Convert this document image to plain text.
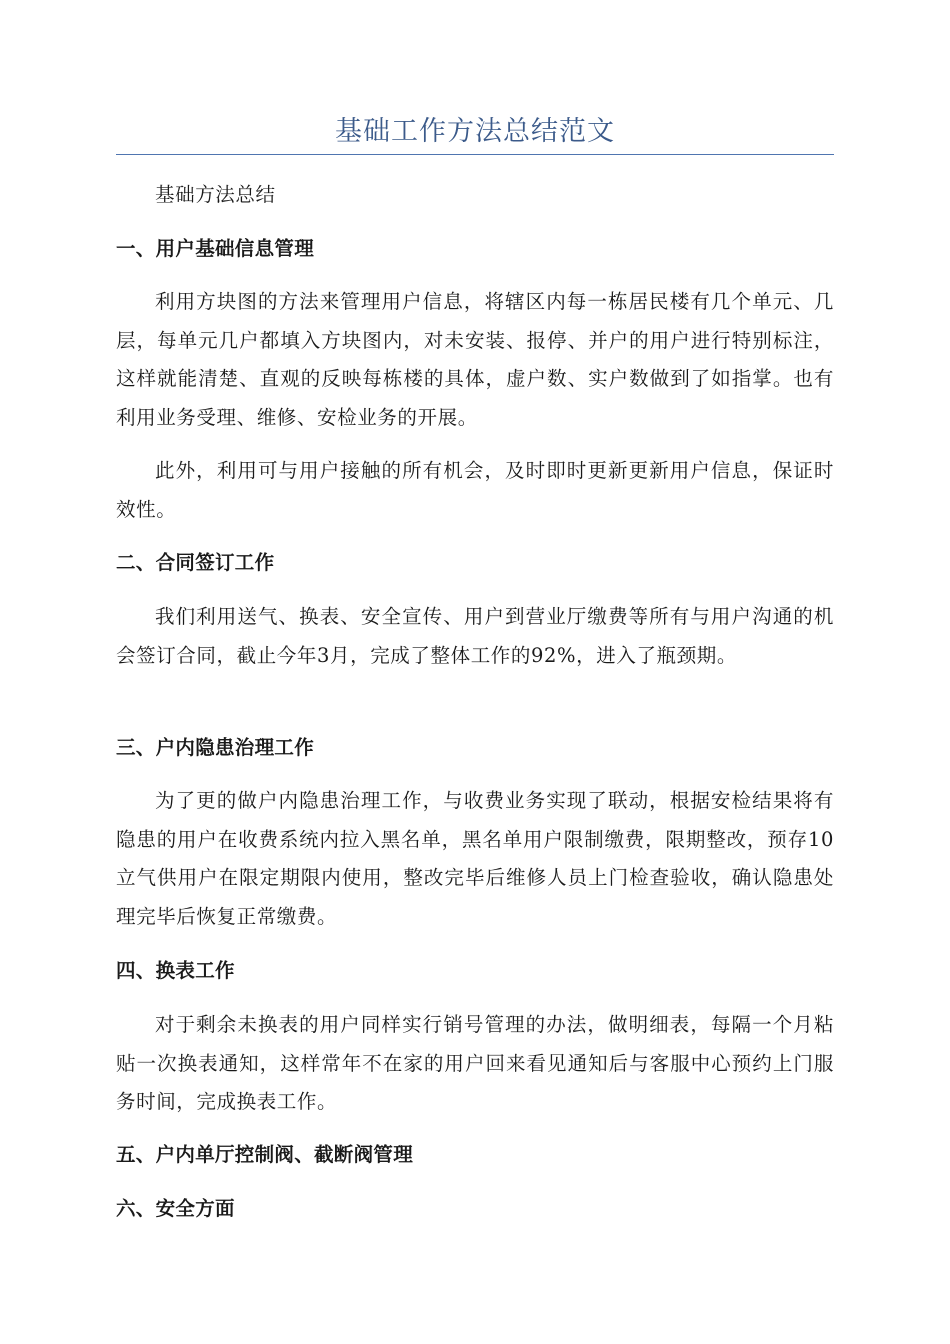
基础工作方法总结范文

基础方法总结

一、用户基础信息管理

利用方块图的方法来管理用户信息，将辖区内每一栋居民楼有几个单元、几层，每单元几户都填入方块图内，对未安装、报停、并户的用户进行特别标注，这样就能清楚、直观的反映每栋楼的具体，虚户数、实户数做到了如指掌。也有利用业务受理、维修、安检业务的开展。

此外，利用可与用户接触的所有机会，及时即时更新更新用户信息，保证时效性。

二、合同签订工作

我们利用送气、换表、安全宣传、用户到营业厅缴费等所有与用户沟通的机会签订合同，截止今年3月，完成了整体工作的92%，进入了瓶颈期。

三、户内隐患治理工作

为了更的做户内隐患治理工作，与收费业务实现了联动，根据安检结果将有隐患的用户在收费系统内拉入黑名单，黑名单用户限制缴费，限期整改，预存10立气供用户在限定期限内使用，整改完毕后维修人员上门检查验收，确认隐患处理完毕后恢复正常缴费。

四、换表工作

对于剩余未换表的用户同样实行销号管理的办法，做明细表，每隔一个月粘贴一次换表通知，这样常年不在家的用户回来看见通知后与客服中心预约上门服务时间，完成换表工作。

五、户内单厅控制阀、截断阀管理

六、安全方面
